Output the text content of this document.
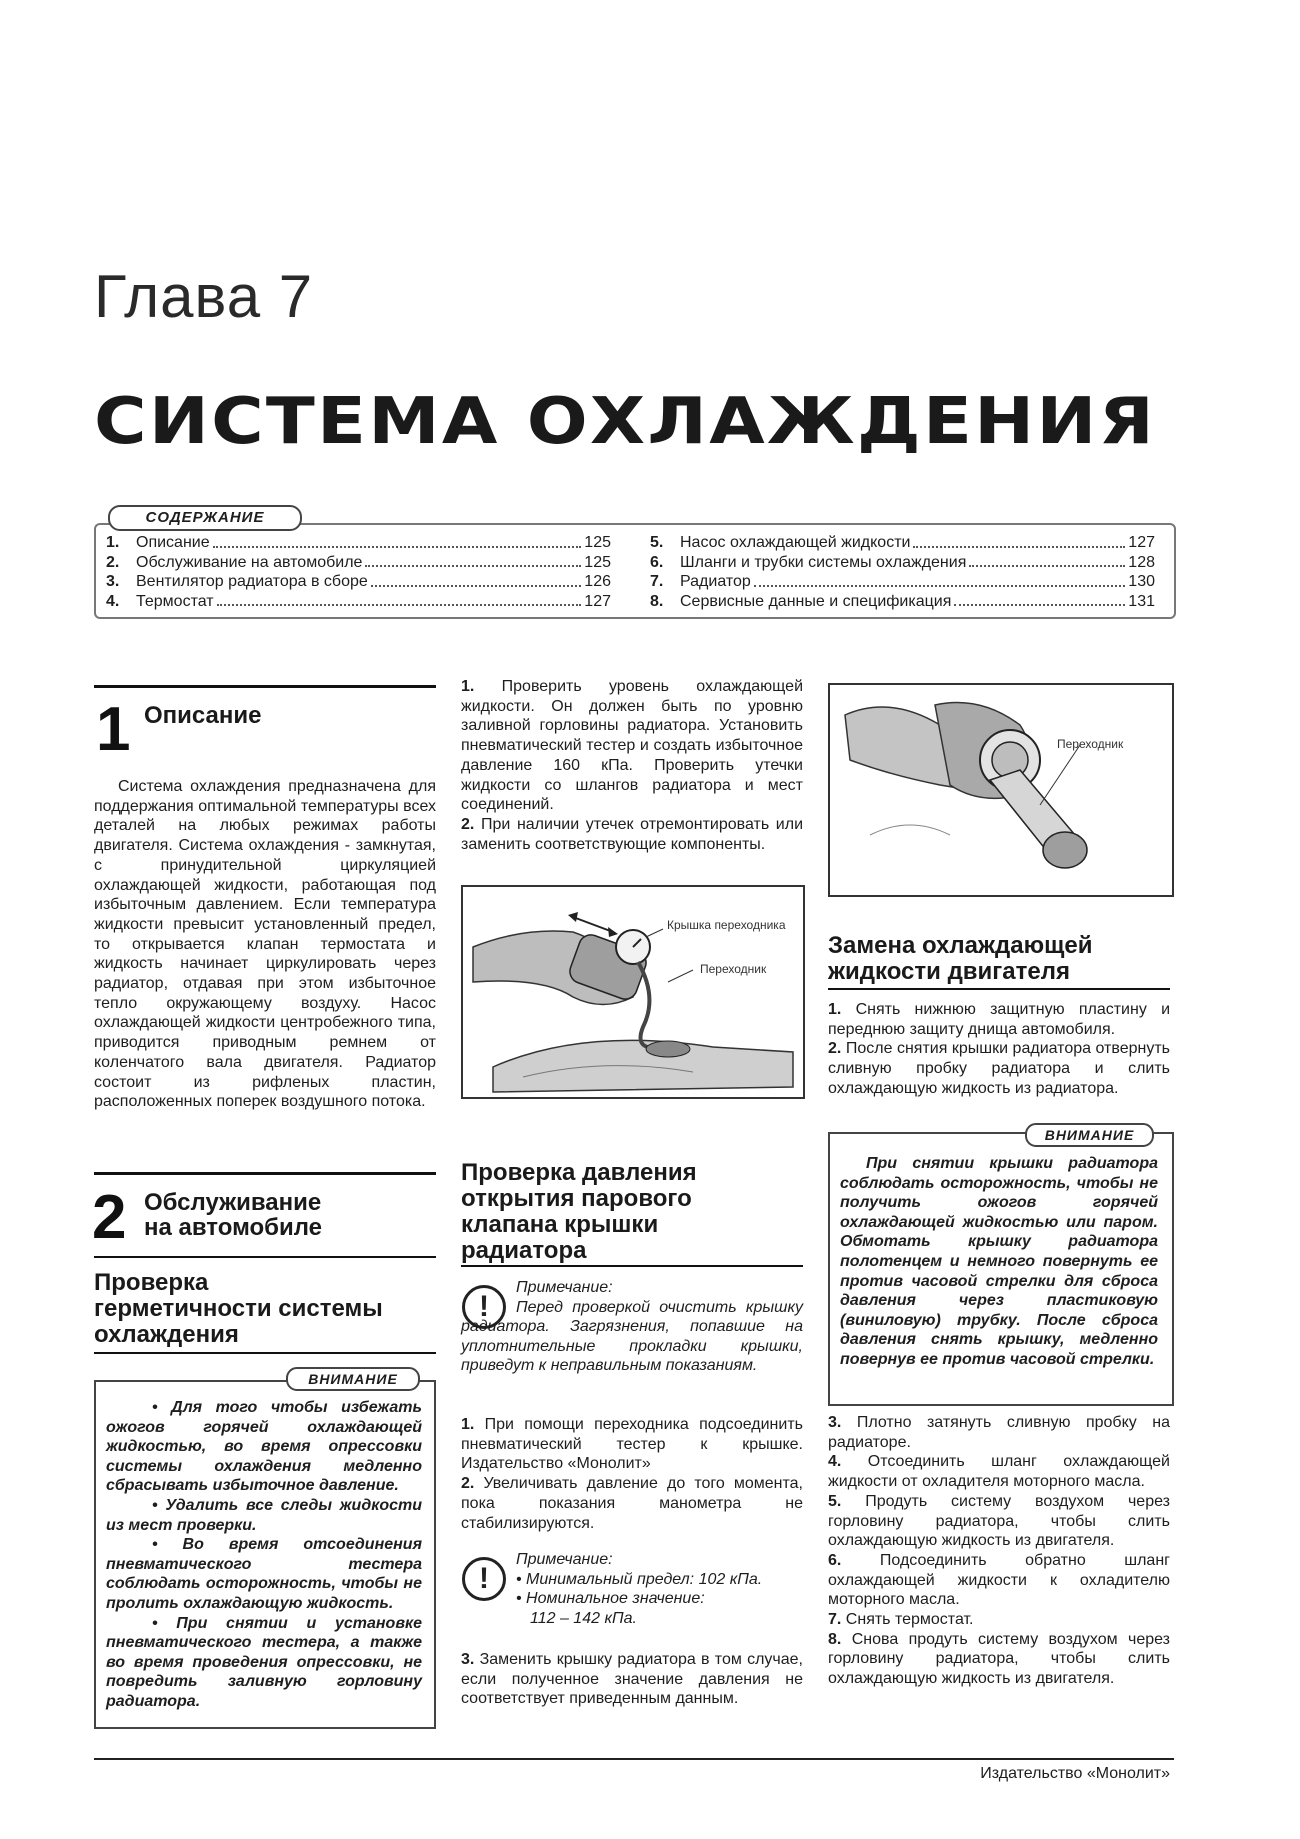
Глава 7
СИСТЕМА ОХЛАЖДЕНИЯ
СОДЕРЖАНИЕ
1.	Описание	125
2.	Обслуживание на автомобиле	125
3.	Вентилятор радиатора в сборе	126
4.	Термостат	127
5.	Насос охлаждающей жидкости	127
6.	Шланги и трубки системы охлаждения	128
7.	Радиатор	130
8.	Сервисные данные и спецификация	131
1 Описание
Система охлаждения предназначена для поддержания оптимальной температуры всех деталей на любых режимах работы двигателя. Система охлаждения - замкнутая, с принудительной циркуляцией охлаждающей жидкости, работающая под избыточным давлением. Если температура жидкости превысит установленный предел, то открывается клапан термостата и жидкость начинает циркулировать через радиатор, отдавая при этом избыточное тепло окружающему воздуху. Насос охлаждающей жидкости центробежного типа, приводится приводным ремнем от коленчатого вала двигателя. Радиатор состоит из рифленых пластин, расположенных поперек воздушного потока.
2 Обслуживание
на автомобиле
Проверка
герметичности системы
охлаждения
ВНИМАНИЕ
• Для того чтобы избежать ожогов горячей охлаждающей жидкостью, во время опрессовки системы охлаждения медленно сбрасывать избыточное давление.
• Удалить все следы жидкости из мест проверки.
• Во время отсоединения пневматического тестера соблюдать осторожность, чтобы не пролить охлаждающую жидкость.
• При снятии и установке пневматического тестера, а также во время проведения опрессовки, не повредить заливную горловину радиатора.

1. Проверить уровень охлаждающей жидкости. Он должен быть по уровню заливной горловины радиатора. Установить пневматический тестер и создать избыточное давление 160 кПа. Проверить утечки жидкости со шлангов радиатора и мест соединений.

2. При наличии утечек отремонтировать или заменить соответствующие компоненты.

Крышка переходника
Переходник
Проверка давления
открытия парового
клапана крышки
радиатора
!
Примечание:
Перед проверкой очистить крышку радиатора. Загрязнения, попавшие на уплотнительные прокладки крышки, приведут к неправильным показаниям.

1. При помощи переходника подсоединить пневматический тестер к крышке. Издательство «Монолит»

2. Увеличивать давление до того момента, пока показания манометра не стабилизируются.

!
Примечание:
• Минимальный предел: 102 кПа.
• Номинальное значение:
112 – 142 кПа.

3. Заменить крышку радиатора в том случае, если полученное значение давления не соответствует приведенным данным.

Переходник
Замена охлаждающей
жидкости двигателя

1. Снять нижнюю защитную пластину и переднюю защиту днища автомобиля.

2. После снятия крышки радиатора отвернуть сливную пробку радиатора и слить охлаждающую жидкость из радиатора.

ВНИМАНИЕ
При снятии крышки радиатора соблюдать осторожность, чтобы не получить ожогов горячей охлаждающей жидкостью или паром. Обмотать крышку радиатора полотенцем и немного повернуть ее против часовой стрелки для сброса давления через пластиковую (виниловую) трубку. После сброса давления снять крышку, медленно повернув ее против часовой стрелки.

3. Плотно затянуть сливную пробку на радиаторе.

4. Отсоединить шланг охлаждающей жидкости от охладителя моторного масла.

5. Продуть систему воздухом через горловину радиатора, чтобы слить охлаждающую жидкость из двигателя.

6. Подсоединить обратно шланг охлаждающей жидкости к охладителю моторного масла.

7. Снять термостат.

8. Снова продуть систему воздухом через горловину радиатора, чтобы слить охлаждающую жидкость из двигателя.

Издательство «Монолит»
